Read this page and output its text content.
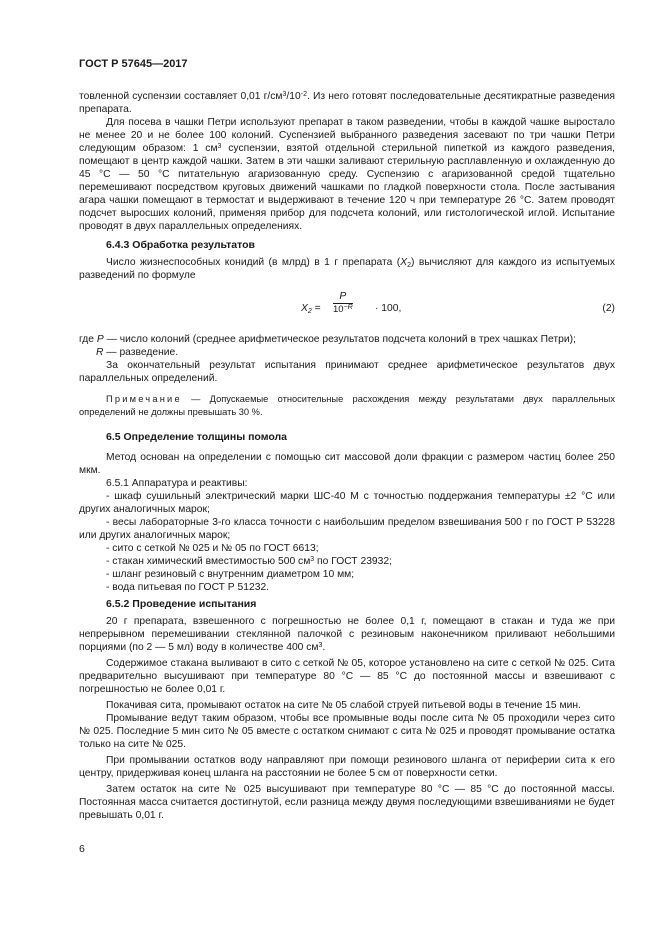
ГОСТ Р 57645—2017

товленной суспензии составляет 0,01 $г/см^3/10^{-2}$. Из него готовят последовательные десятикратные разведения препарата.

Для посева в чашки Петри используют препарат в таком разведении, чтобы в каждой чашке выростало не менее 20 и не более 100 колоний. Суспензией выбранного разведения засевают по три чашки Петри следующим образом: 1 $см^3$ суспензии, взятой отдельной стерильной пипеткой из каждого разведения, помещают в центр каждой чашки. Затем в эти чашки заливают стерильную расплавленную и охлажденную до 45 °С — 50 °С питательную агаризованную среду. Суспензию с агаризованной средой тщательно перемешивают посредством круговых движений чашками по гладкой поверхности стола. После застывания агара чашки помещают в термостат и выдерживают в течение 120 ч при температуре 26 °С. Затем проводят подсчет выросших колоний, применяя прибор для подсчета колоний, или гистологической иглой. Испытание проводят в двух параллельных определениях.

6.4.3 Обработка результатов

Число жизнеспособных конидий (в млрд) в 1 г препарата $(X_2)$ вычисляют для каждого из испытуемых разведений по формуле

$X_2 = \frac{P}{10^{-R}} \cdot 100$,	(2)

где P — число колоний (среднее арифметическое результатов подсчета колоний в трех чашках Петри);

R — разведение.

За окончательный результат испытания принимают среднее арифметическое результатов двух параллельных определений.

Примечание — Допускаемые относительные расхождения между результатами двух параллельных определений не должны превышать 30 %.

6.5 Определение толщины помола

Метод основан на определении с помощью сит массовой доли фракции с размером частиц более 250 мкм.

6.5.1 Аппаратура и реактивы:

- шкаф сушильный электрический марки ШС-40 М с точностью поддержания температуры ±2 °С или других аналогичных марок;

- весы лабораторные 3-го класса точности с наибольшим пределом взвешивания 500 г по ГОСТ Р 53228 или других аналогичных марок;

- сито с сеткой № 025 и № 05 по ГОСТ 6613;

- стакан химический вместимостью 500 $см^3$ по ГОСТ 23932;

- шланг резиновый с внутренним диаметром 10 мм;

- вода питьевая по ГОСТ Р 51232.

6.5.2 Проведение испытания

20 г препарата, взвешенного с погрешностью не более 0,1 г, помещают в стакан и туда же при непрерывном перемешивании стеклянной палочкой с резиновым наконечником приливают небольшими порциями (по 2 — 5 мл) воду в количестве 400 $см^3$.

Содержимое стакана выливают в сито с сеткой № 05, которое установлено на сите с сеткой № 025. Сита предварительно высушивают при температуре 80 °С — 85 °С до постоянной массы и взвешивают с погрешностью не более 0,01 г.

Покачивая сита, промывают остаток на сите № 05 слабой струей питьевой воды в течение 15 мин.

Промывание ведут таким образом, чтобы все промывные воды после сита № 05 проходили через сито № 025. Последние 5 мин сито № 05 вместе с остатком снимают с сита № 025 и проводят промывание остатка только на сите № 025.

При промывании остатков воду направляют при помощи резинового шланга от периферии сита к его центру, придерживая конец шланга на расстоянии не более 5 см от поверхности сетки.

Затем остаток на сите № 025 высушивают при температуре 80 °С — 85 °С до постоянной массы. Постоянная масса считается достигнутой, если разница между двумя последующими взвешиваниями не будет превышать 0,01 г.

6
